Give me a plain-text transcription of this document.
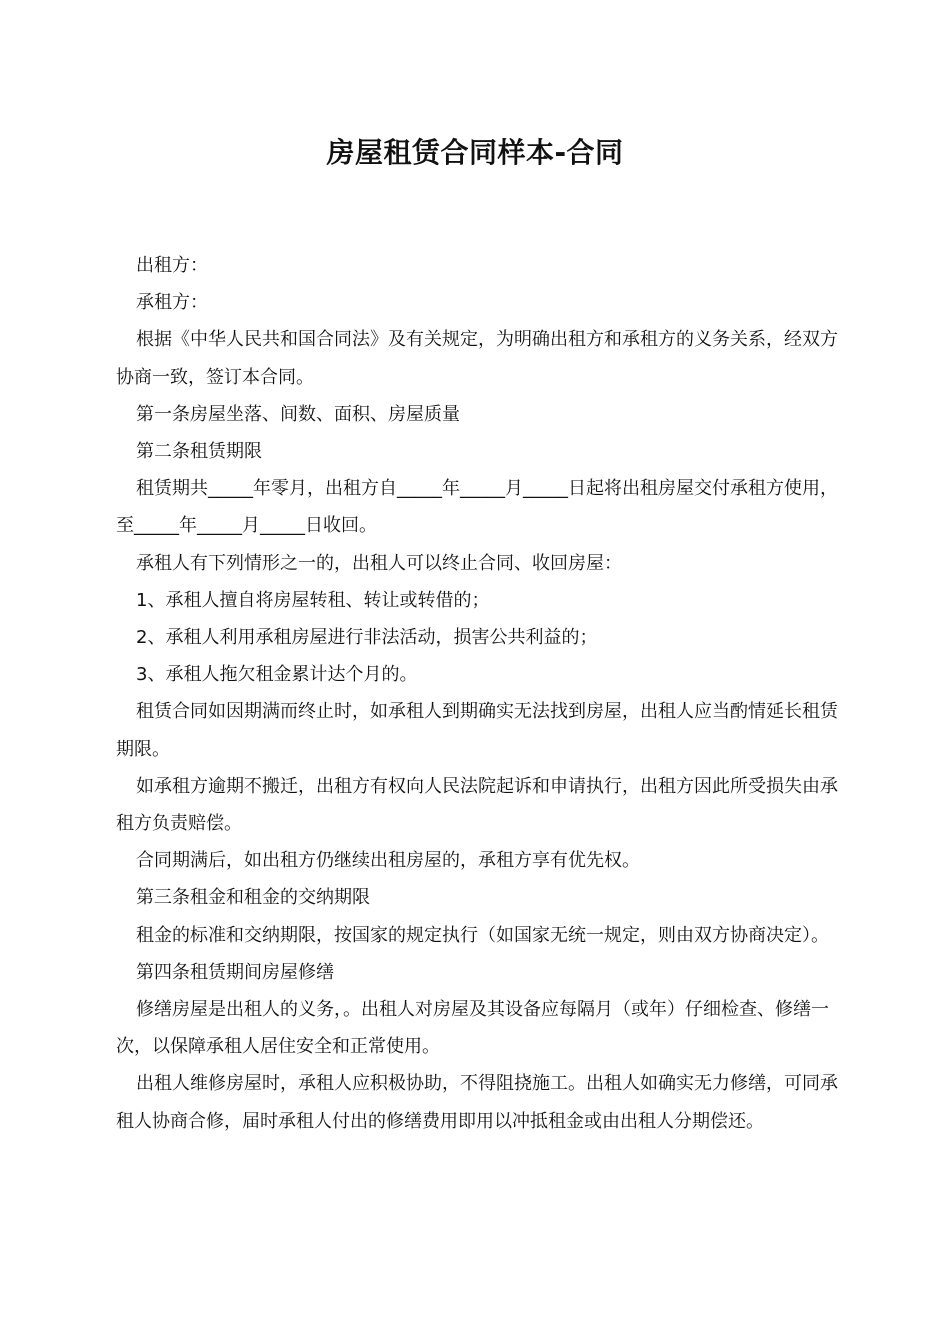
房屋租赁合同样本-合同

出租方：

承租方：

根据《中华人民共和国合同法》及有关规定，为明确出租方和承租方的义务关系，经双方协商一致，签订本合同。

第一条房屋坐落、间数、面积、房屋质量

第二条租赁期限

租赁期共_____年零月，出租方自_____年_____月_____日起将出租房屋交付承租方使用，至_____年_____月_____日收回。

承租人有下列情形之一的，出租人可以终止合同、收回房屋：

1、承租人擅自将房屋转租、转让或转借的；

2、承租人利用承租房屋进行非法活动，损害公共利益的；

3、承租人拖欠租金累计达个月的。

租赁合同如因期满而终止时，如承租人到期确实无法找到房屋，出租人应当酌情延长租赁期限。

如承租方逾期不搬迁，出租方有权向人民法院起诉和申请执行，出租方因此所受损失由承租方负责赔偿。

合同期满后，如出租方仍继续出租房屋的，承租方享有优先权。

第三条租金和租金的交纳期限

租金的标准和交纳期限，按国家的规定执行（如国家无统一规定，则由双方协商决定）。

第四条租赁期间房屋修缮

修缮房屋是出租人的义务，。出租人对房屋及其设备应每隔月（或年）仔细检查、修缮一次，以保障承租人居住安全和正常使用。

出租人维修房屋时，承租人应积极协助，不得阻挠施工。出租人如确实无力修缮，可同承租人协商合修，届时承租人付出的修缮费用即用以冲抵租金或由出租人分期偿还。
